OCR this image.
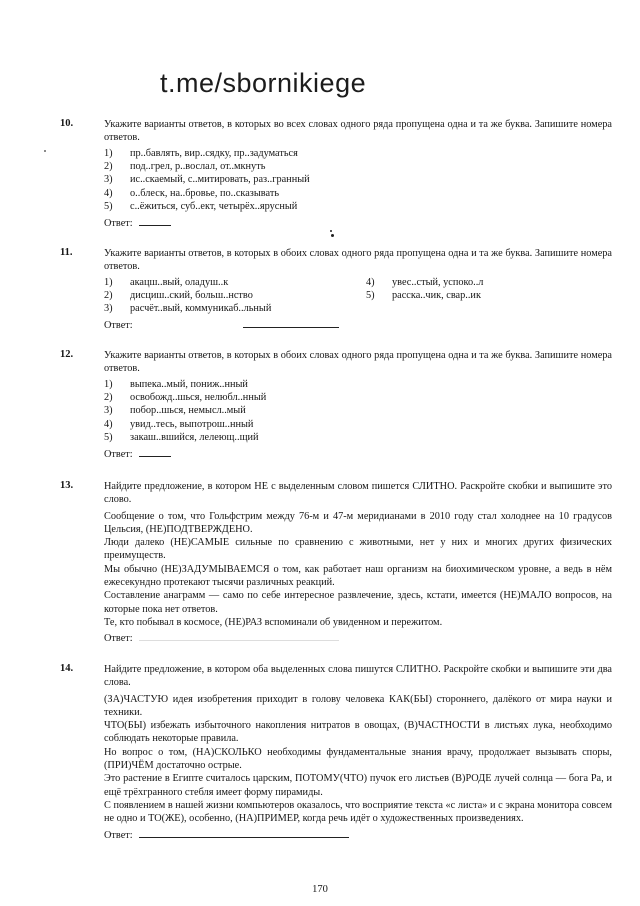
t.me/sbornikiege
10.	Укажите варианты ответов, в которых во всех словах одного ряда пропущена одна и та же буква. Запишите номера ответов.
1) пр..бавлять, вир..сядку, пр..задуматься
2) под..грел, р..вослал, от..мкнуть
3) ис..скаемый, с..митировать, раз..гранный
4) о..блеск, на..бровье, по..сказывать
5) с..ёжиться, суб..ект, четырёх..ярусный
Ответ:
11.	Укажите варианты ответов, в которых в обоих словах одного ряда пропущена одна и та же буква. Запишите номера ответов.
1) акацш..вый, оладуш..к	4) увес..стый, успоко..л
2) дисциш..ский, больш..нство	5) расска..чик, свар..ик
3) расчёт..вый, коммуникаб..льный
Ответ:
12.	Укажите варианты ответов, в которых в обоих словах одного ряда пропущена одна и та же буква. Запишите номера ответов.
1) выпека..мый, пониж..нный
2) освобожд..шься, нелюбл..нный
3) побор..шься, немысл..мый
4) увид..тесь, выпотрош..нный
5) закаш..вшийся, лелеющ..щий
Ответ:
13.	Найдите предложение, в котором НЕ с выделенным словом пишется СЛИТНО. Раскройте скобки и выпишите это слово.
Сообщение о том, что Гольфстрим между 76-м и 47-м меридианами в 2010 году стал холоднее на 10 градусов Цельсия, (НЕ)ПОДТВЕРЖДЕНО.
Люди далеко (НЕ)САМЫЕ сильные по сравнению с животными, нет у них и многих других физических преимуществ.
Мы обычно (НЕ)ЗАДУМЫВАЕМСЯ о том, как работает наш организм на биохимическом уровне, а ведь в нём ежесекундно протекают тысячи различных реакций.
Составление анаграмм — само по себе интересное развлечение, здесь, кстати, имеется (НЕ)МАЛО вопросов, на которые пока нет ответов.
Те, кто побывал в космосе, (НЕ)РАЗ вспоминали об увиденном и пережитом.
Ответ:
14.	Найдите предложение, в котором оба выделенных слова пишутся СЛИТНО. Раскройте скобки и выпишите эти два слова.
(ЗА)ЧАСТУЮ идея изобретения приходит в голову человека КАК(БЫ) стороннего, далёкого от мира науки и техники.
ЧТО(БЫ) избежать избыточного накопления нитратов в овощах, (В)ЧАСТНОСТИ в листьях лука, необходимо соблюдать некоторые правила.
Но вопрос о том, (НА)СКОЛЬКО необходимы фундаментальные знания врачу, продолжает вызывать споры, (ПРИ)ЧЁМ достаточно острые.
Это растение в Египте считалось царским, ПОТОМУ(ЧТО) пучок его листьев (В)РОДЕ лучей солнца — бога Ра, и ещё трёхгранного стебля имеет форму пирамиды.
С появлением в нашей жизни компьютеров оказалось, что восприятие текста «с листа» и с экрана монитора совсем не одно и ТО(ЖЕ), особенно, (НА)ПРИМЕР, когда речь идёт о художественных произведениях.
Ответ:
170
